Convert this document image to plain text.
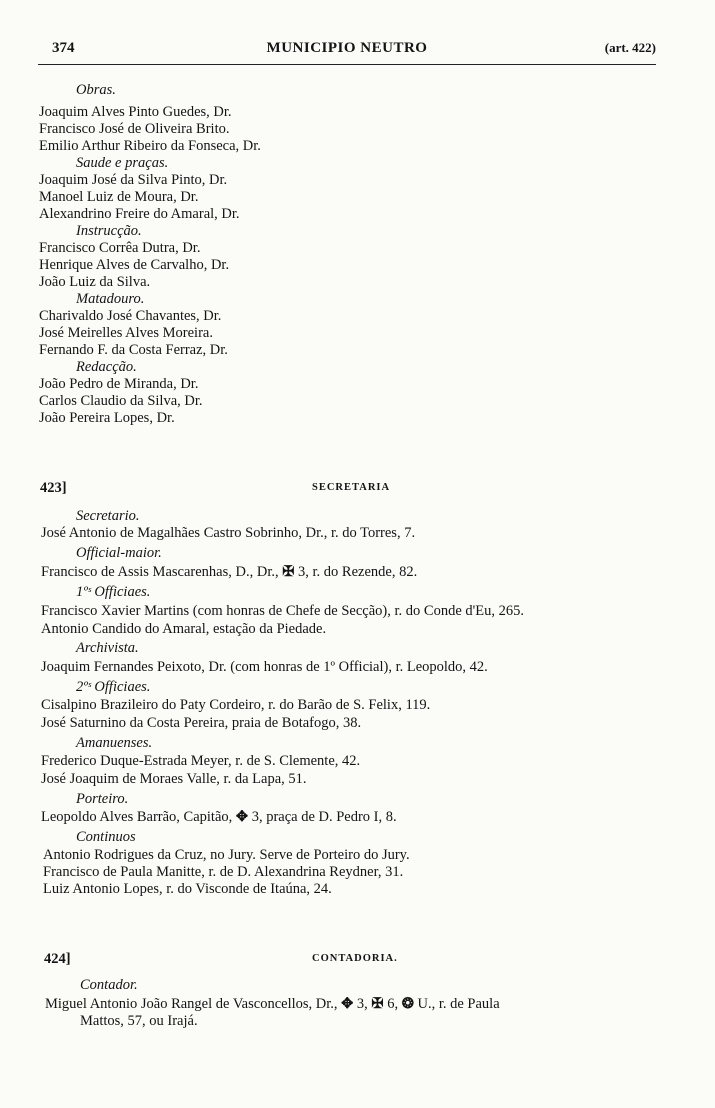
374	MUNICIPIO NEUTRO	(art. 422)
Obras.
Joaquim Alves Pinto Guedes, Dr.
Francisco José de Oliveira Brito.
Emilio Arthur Ribeiro da Fonseca, Dr.
Saude e praças.
Joaquim José da Silva Pinto, Dr.
Manoel Luiz de Moura, Dr.
Alexandrino Freire do Amaral, Dr.
Instrucção.
Francisco Corrêa Dutra, Dr.
Henrique Alves de Carvalho, Dr.
João Luiz da Silva.
Matadouro.
Charivaldo José Chavantes, Dr.
José Meirelles Alves Moreira.
Fernando F. da Costa Ferraz, Dr.
Redacção.
João Pedro de Miranda, Dr.
Carlos Claudio da Silva, Dr.
João Pereira Lopes, Dr.
423]	SECRETARIA
Secretario.
José Antonio de Magalhães Castro Sobrinho, Dr., r. do Torres, 7.
Official-maior.
Francisco de Assis Mascarenhas, D., Dr., ✠ 3, r. do Rezende, 82.
1ºˢ Officiaes.
Francisco Xavier Martins (com honras de Chefe de Secção), r. do Conde d'Eu, 265.
Antonio Candido do Amaral, estação da Piedade.
Archivista.
Joaquim Fernandes Peixoto, Dr. (com honras de 1º Official), r. Leopoldo, 42.
2ºˢ Officiaes.
Cisalpino Brazileiro do Paty Cordeiro, r. do Barão de S. Felix, 119.
José Saturnino da Costa Pereira, praia de Botafogo, 38.
Amanuenses.
Frederico Duque-Estrada Meyer, r. de S. Clemente, 42.
José Joaquim de Moraes Valle, r. da Lapa, 51.
Porteiro.
Leopoldo Alves Barrão, Capitão, ✥ 3, praça de D. Pedro I, 8.
Continuos
Antonio Rodrigues da Cruz, no Jury. Serve de Porteiro do Jury.
Francisco de Paula Manitte, r. de D. Alexandrina Reydner, 31.
Luiz Antonio Lopes, r. do Visconde de Itaúna, 24.
424]	CONTADORIA.
Contador.
Miguel Antonio João Rangel de Vasconcellos, Dr., ✥ 3, ✠ 6, ❂ U., r. de Paula
Mattos, 57, ou Irajá.
